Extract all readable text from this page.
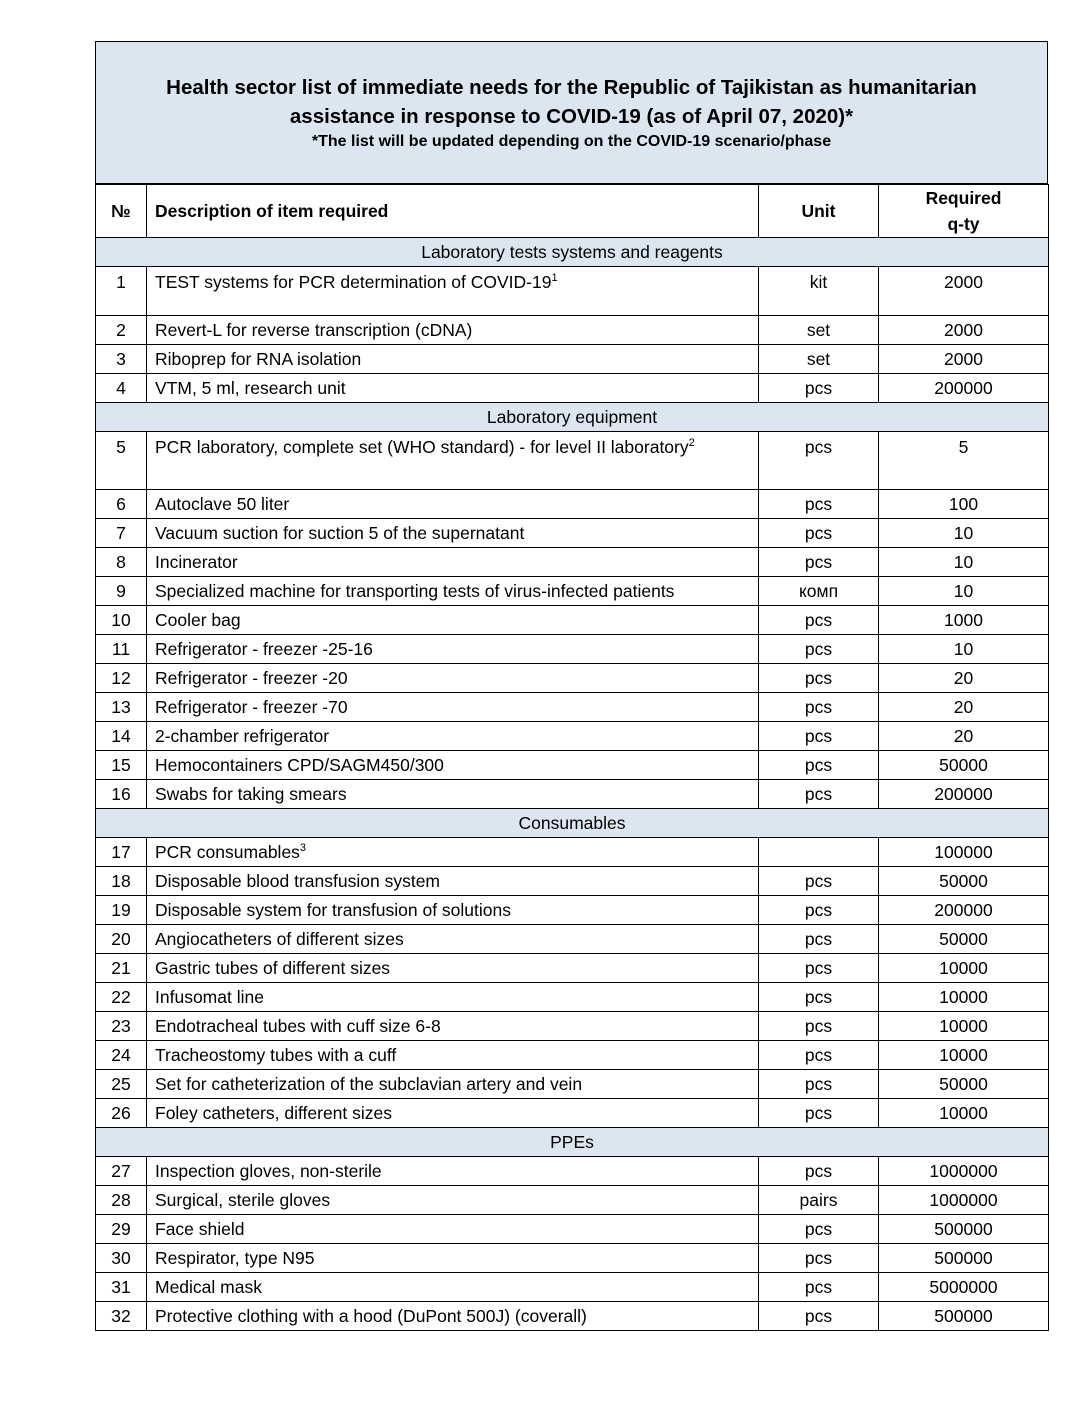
Health sector list of immediate needs for the Republic of Tajikistan as humanitarian
assistance in response to COVID-19 (as of April 07, 2020)*
*The list will be updated depending on the COVID-19 scenario/phase
№	Description of item required	Unit	Required
q-ty

Laboratory tests systems and reagents			
1	TEST systems for PCR determination of COVID-$19^1$	kit	2000
2	Revert-L for reverse transcription (cDNA)	set	2000
3	Riboprep for RNA isolation	set	2000
4	VTM, 5 ml, research unit	pcs	200000
Laboratory equipment			
5	PCR laboratory, complete set (WHO standard) - for level II laboratory$^2$	pcs	5
6	Autoclave 50 liter	pcs	100
7	Vacuum suction for suction 5 of the supernatant	pcs	10
8	Incinerator	pcs	10
9	Specialized machine for transporting tests of virus-infected patients	комп	10
10	Cooler bag	pcs	1000
11	Refrigerator - freezer -25-16	pcs	10
12	Refrigerator - freezer -20	pcs	20
13	Refrigerator - freezer -70	pcs	20
14	2-chamber refrigerator	pcs	20
15	Hemocontainers CPD/SAGM450/300	pcs	50000
16	Swabs for taking smears	pcs	200000
Consumables			
17	PCR consumables$^3$		100000
18	Disposable blood transfusion system	pcs	50000
19	Disposable system for transfusion of solutions	pcs	200000
20	Angiocatheters of different sizes	pcs	50000
21	Gastric tubes of different sizes	pcs	10000
22	Infusomat line	pcs	10000
23	Endotracheal tubes with cuff size 6-8	pcs	10000
24	Tracheostomy tubes with a cuff	pcs	10000
25	Set for catheterization of the subclavian artery and vein	pcs	50000
26	Foley catheters, different sizes	pcs	10000
PPEs			
27	Inspection gloves, non-sterile	pcs	1000000
28	Surgical, sterile gloves	pairs	1000000
29	Face shield	pcs	500000
30	Respirator, type N95	pcs	500000
31	Medical mask	pcs	5000000
32	Protective clothing with a hood (DuPont 500J) (coverall)	pcs	500000
